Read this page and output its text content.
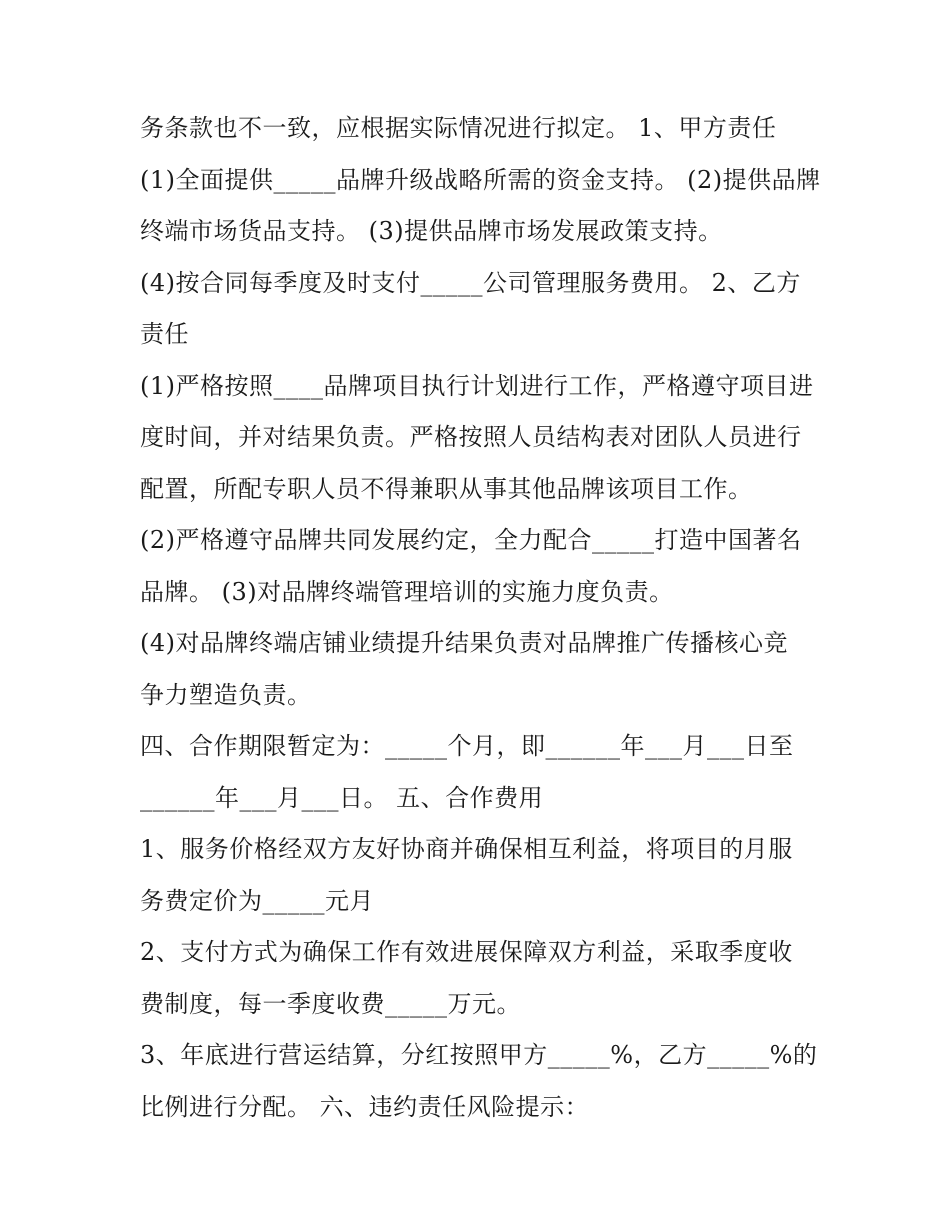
务条款也不一致，应根据实际情况进行拟定。 1、甲方责任
(1)全面提供_____品牌升级战略所需的资金支持。 (2)提供品牌
终端市场货品支持。 (3)提供品牌市场发展政策支持。
(4)按合同每季度及时支付_____公司管理服务费用。 2、乙方
责任
(1)严格按照____品牌项目执行计划进行工作，严格遵守项目进
度时间，并对结果负责。严格按照人员结构表对团队人员进行
配置，所配专职人员不得兼职从事其他品牌该项目工作。
(2)严格遵守品牌共同发展约定，全力配合_____打造中国著名
品牌。 (3)对品牌终端管理培训的实施力度负责。
(4)对品牌终端店铺业绩提升结果负责对品牌推广传播核心竞
争力塑造负责。
四、合作期限暂定为：_____个月，即______年___月___日至
______年___月___日。 五、合作费用
1、服务价格经双方友好协商并确保相互利益，将项目的月服
务费定价为_____元月
2、支付方式为确保工作有效进展保障双方利益，采取季度收
费制度，每一季度收费_____万元。
3、年底进行营运结算，分红按照甲方_____%，乙方_____%的
比例进行分配。 六、违约责任风险提示：
